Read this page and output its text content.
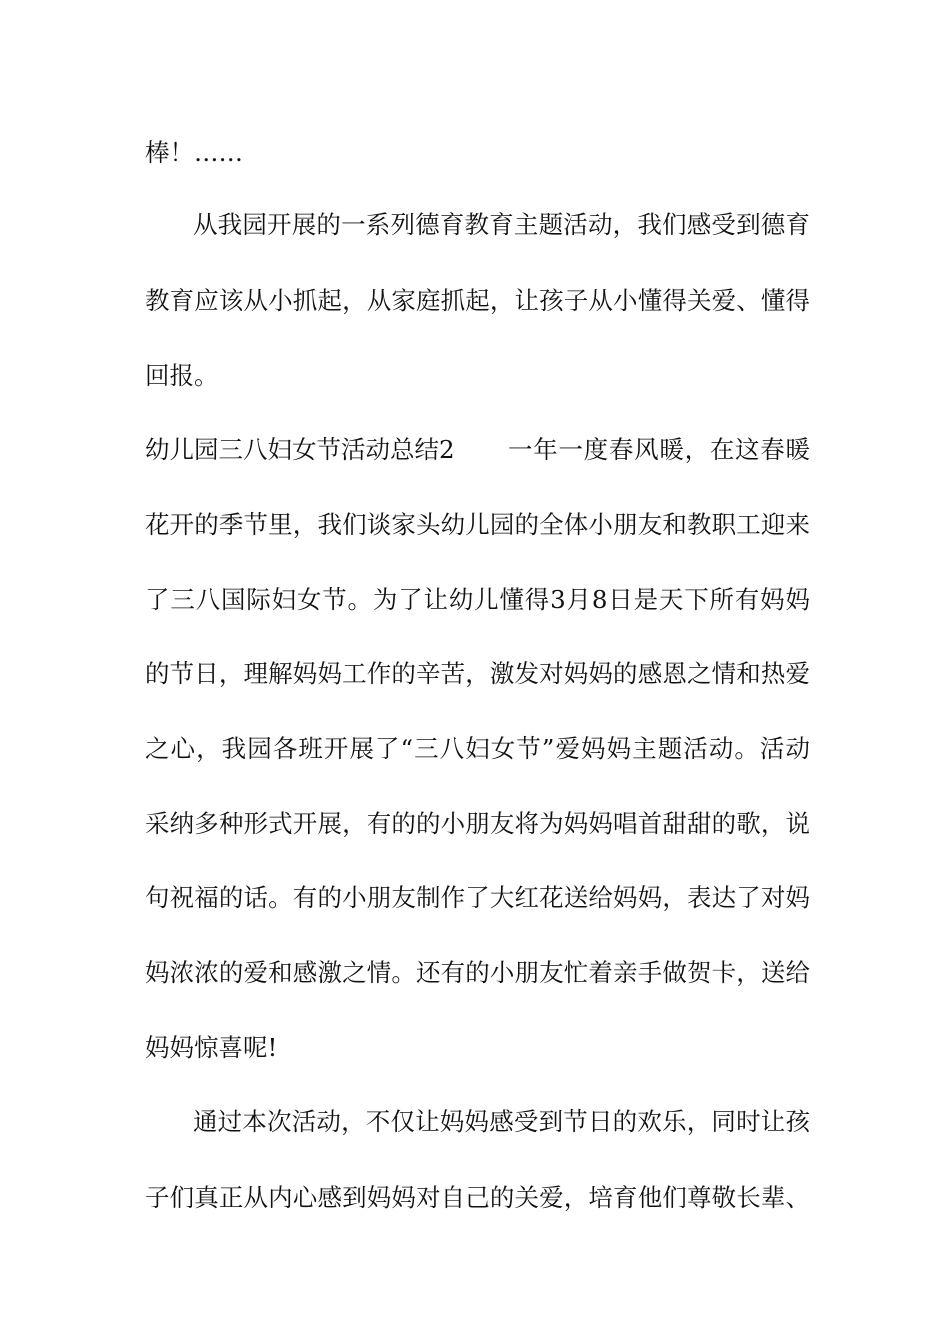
棒！……
从我园开展的一系列德育教育主题活动，我们感受到德育
教育应该从小抓起，从家庭抓起，让孩子从小懂得关爱、懂得
回报。
幼儿园三八妇女节活动总结2 一年一度春风暖，在这春暖
花开的季节里，我们谈家头幼儿园的全体小朋友和教职工迎来
了三八国际妇女节。为了让幼儿懂得3月8日是天下所有妈妈
的节日，理解妈妈工作的辛苦，激发对妈妈的感恩之情和热爱
之心，我园各班开展了“三八妇女节”爱妈妈主题活动。活动
采纳多种形式开展，有的的小朋友将为妈妈唱首甜甜的歌，说
句祝福的话。有的小朋友制作了大红花送给妈妈，表达了对妈
妈浓浓的爱和感激之情。还有的小朋友忙着亲手做贺卡，送给
妈妈惊喜呢!
通过本次活动，不仅让妈妈感受到节日的欢乐，同时让孩
子们真正从内心感到妈妈对自己的关爱，培育他们尊敬长辈、
